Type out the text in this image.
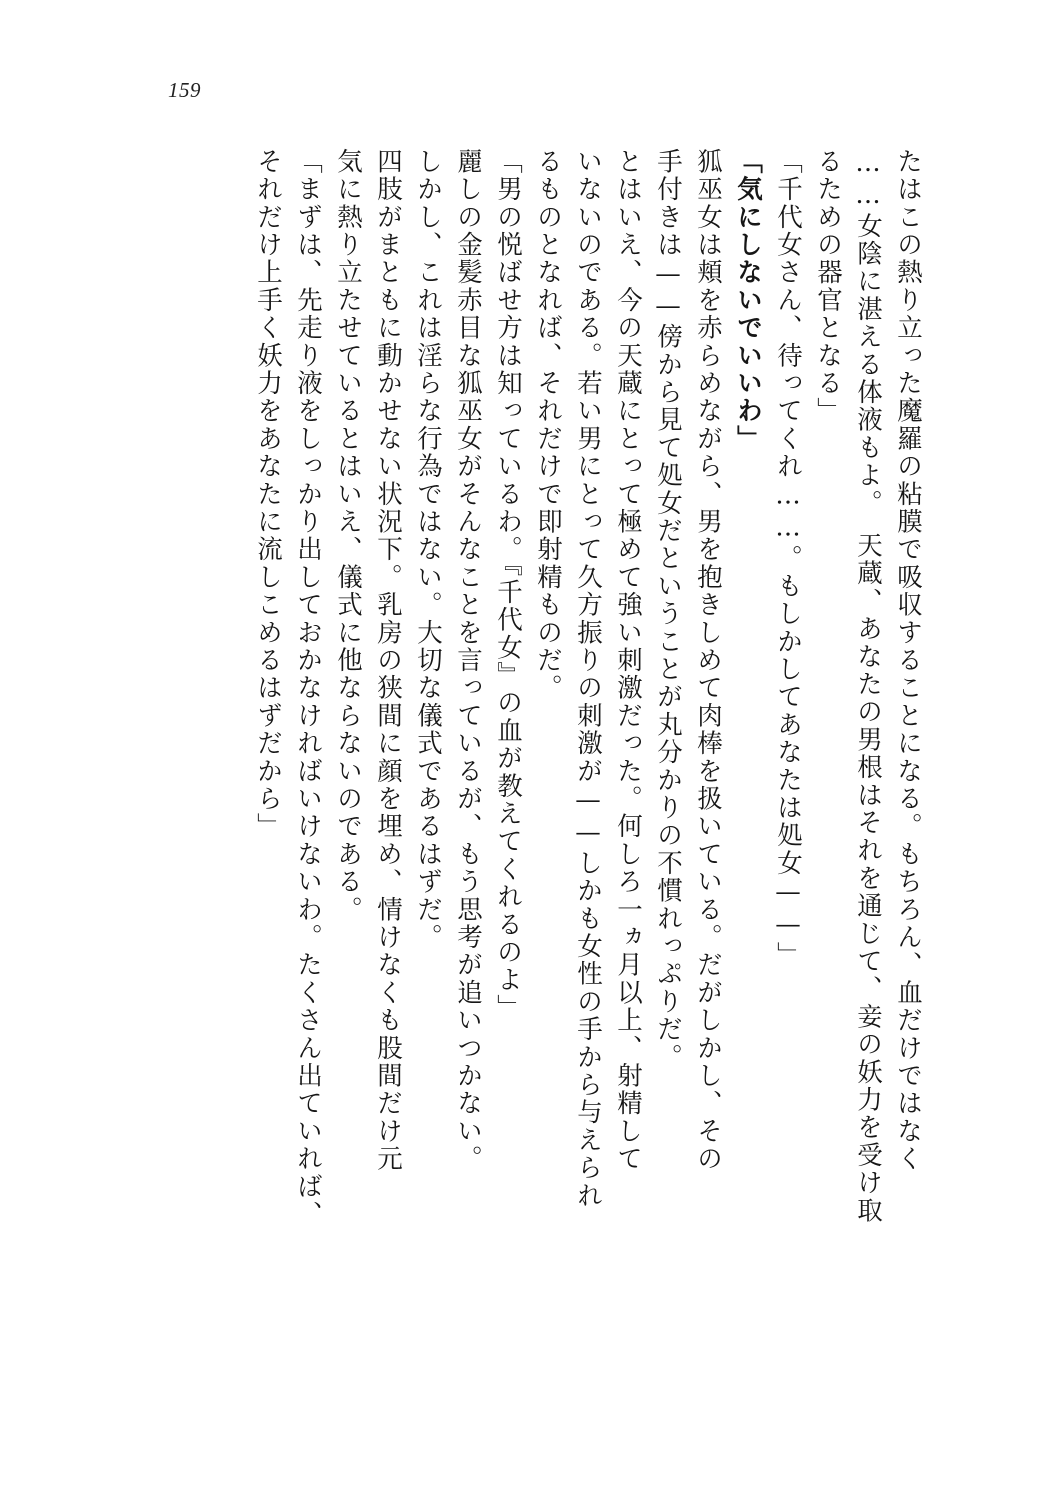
159
たはこの熱り立った魔羅の粘膜で吸収することになる。もちろん、血だけではなく
……女陰に湛える体液もよ。　天蔵、あなたの男根はそれを通じて、妾の妖力を受け取
るための器官となる」
「千代女さん、待ってくれ……。もしかしてあなたは処女——」
「気にしないでいいわ」
狐巫女は頬を赤らめながら、男を抱きしめて肉棒を扱いている。だがしかし、その
手付きは——傍から見て処女だということが丸分かりの不慣れっぷりだ。
とはいえ、今の天蔵にとって極めて強い刺激だった。何しろ一ヵ月以上、射精して
いないのである。若い男にとって久方振りの刺激が——しかも女性の手から与えられ
るものとなれば、それだけで即射精ものだ。
「男の悦ばせ方は知っているわ。『千代女』の血が教えてくれるのよ」
麗しの金髪赤目な狐巫女がそんなことを言っているが、もう思考が追いつかない。
しかし、これは淫らな行為ではない。大切な儀式であるはずだ。
四肢がまともに動かせない状況下。乳房の狭間に顔を埋め、情けなくも股間だけ元
気に熱り立たせているとはいえ、儀式に他ならないのである。
「まずは、先走り液をしっかり出しておかなければいけないわ。たくさん出ていれば、
それだけ上手く妖力をあなたに流しこめるはずだから」
